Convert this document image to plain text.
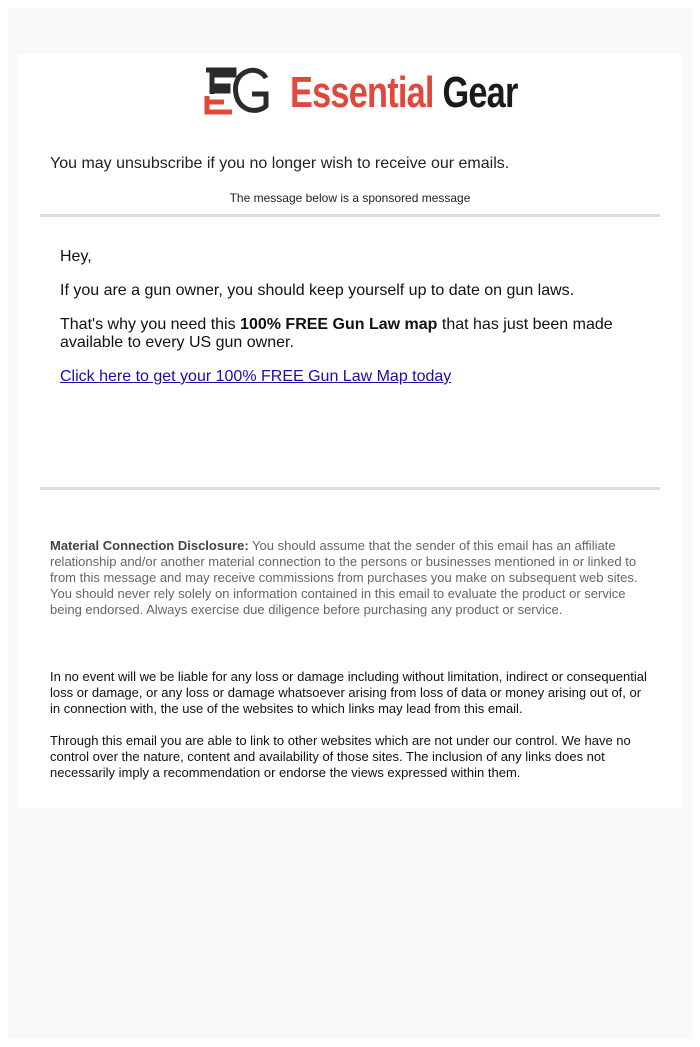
Essential Gear
You may unsubscribe if you no longer wish to receive our emails.
The message below is a sponsored message

Hey,

If you are a gun owner, you should keep yourself up to date on gun laws.

That's why you need this 100% FREE Gun Law map that has just been made available to every US gun owner.

Click here to get your 100% FREE Gun Law Map today

Material Connection Disclosure: You should assume that the sender of this email has an affiliate relationship and/or another material connection to the persons or businesses mentioned in or linked to from this message and may receive commissions from purchases you make on subsequent web sites. You should never rely solely on information contained in this email to evaluate the product or service being endorsed. Always exercise due diligence before purchasing any product or service.

In no event will we be liable for any loss or damage including without limitation, indirect or consequential loss or damage, or any loss or damage whatsoever arising from loss of data or money arising out of, or in connection with, the use of the websites to which links may lead from this email.

Through this email you are able to link to other websites which are not under our control. We have no control over the nature, content and availability of those sites. The inclusion of any links does not necessarily imply a recommendation or endorse the views expressed within them.
